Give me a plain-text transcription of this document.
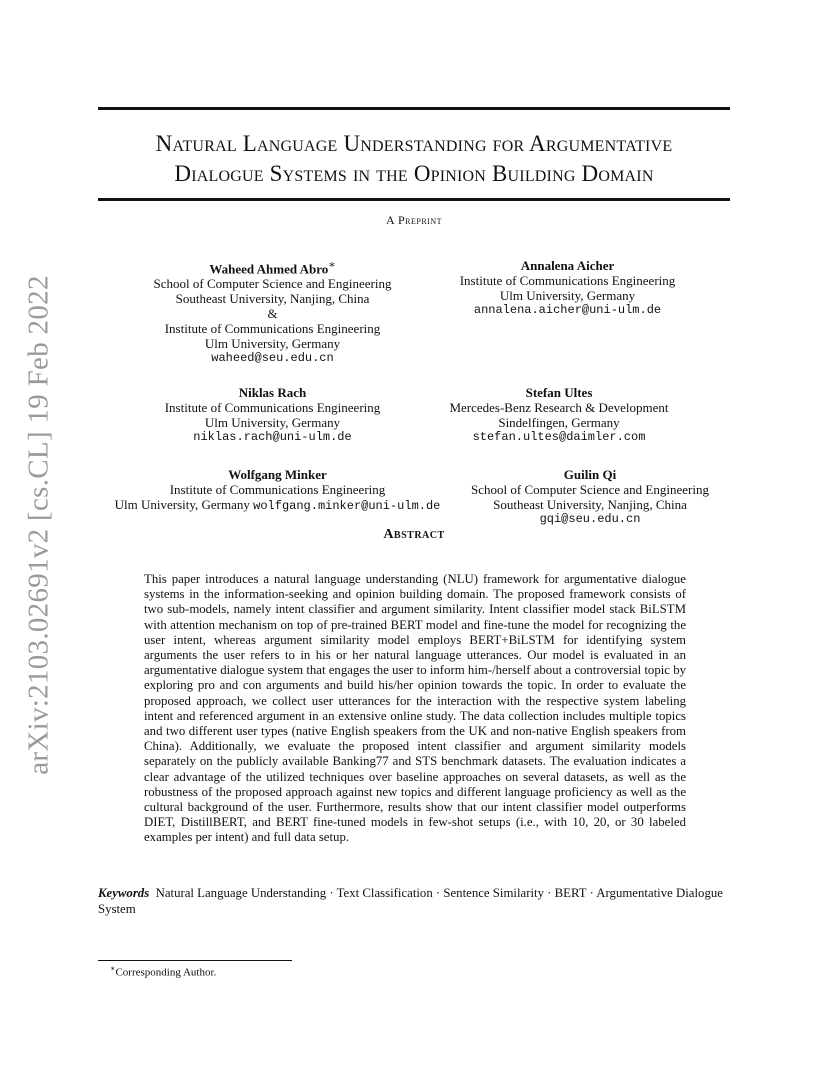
arXiv:2103.02691v2 [cs.CL] 19 Feb 2022
Natural Language Understanding for Argumentative
Dialogue Systems in the Opinion Building Domain
A Preprint
Waheed Ahmed Abro∗
School of Computer Science and Engineering
Southeast University, Nanjing, China
&
Institute of Communications Engineering
Ulm University, Germany
waheed@seu.edu.cn
Annalena Aicher
Institute of Communications Engineering
Ulm University, Germany
annalena.aicher@uni-ulm.de
Niklas Rach
Institute of Communications Engineering
Ulm University, Germany
niklas.rach@uni-ulm.de
Stefan Ultes
Mercedes-Benz Research & Development
Sindelfingen, Germany
stefan.ultes@daimler.com
Wolfgang Minker
Institute of Communications Engineering
Ulm University, Germany wolfgang.minker@uni-ulm.de
Guilin Qi
School of Computer Science and Engineering
Southeast University, Nanjing, China
gqi@seu.edu.cn
Abstract
This paper introduces a natural language understanding (NLU) framework for argumentative dialogue systems in the information-seeking and opinion building domain. The proposed framework consists of two sub-models, namely intent classifier and argument similarity. Intent classifier model stack BiLSTM with attention mechanism on top of pre-trained BERT model and fine-tune the model for recognizing the user intent, whereas argument similarity model employs BERT+BiLSTM for identifying system arguments the user refers to in his or her natural language utterances. Our model is evaluated in an argumentative dialogue system that engages the user to inform him-/herself about a controversial topic by exploring pro and con arguments and build his/her opinion towards the topic. In order to evaluate the proposed approach, we collect user utterances for the interaction with the respective system labeling intent and referenced argument in an extensive online study. The data collection includes multiple topics and two different user types (native English speakers from the UK and non-native English speakers from China). Additionally, we evaluate the proposed intent classifier and argument similarity models separately on the publicly available Banking77 and STS benchmark datasets. The evaluation indicates a clear advantage of the utilized techniques over baseline approaches on several datasets, as well as the robustness of the proposed approach against new topics and different language proficiency as well as the cultural background of the user. Furthermore, results show that our intent classifier model outperforms DIET, DistillBERT, and BERT fine-tuned models in few-shot setups (i.e., with 10, 20, or 30 labeled examples per intent) and full data setup.
Keywords Natural Language Understanding · Text Classification · Sentence Similarity · BERT · Argumentative Dialogue System
∗Corresponding Author.
